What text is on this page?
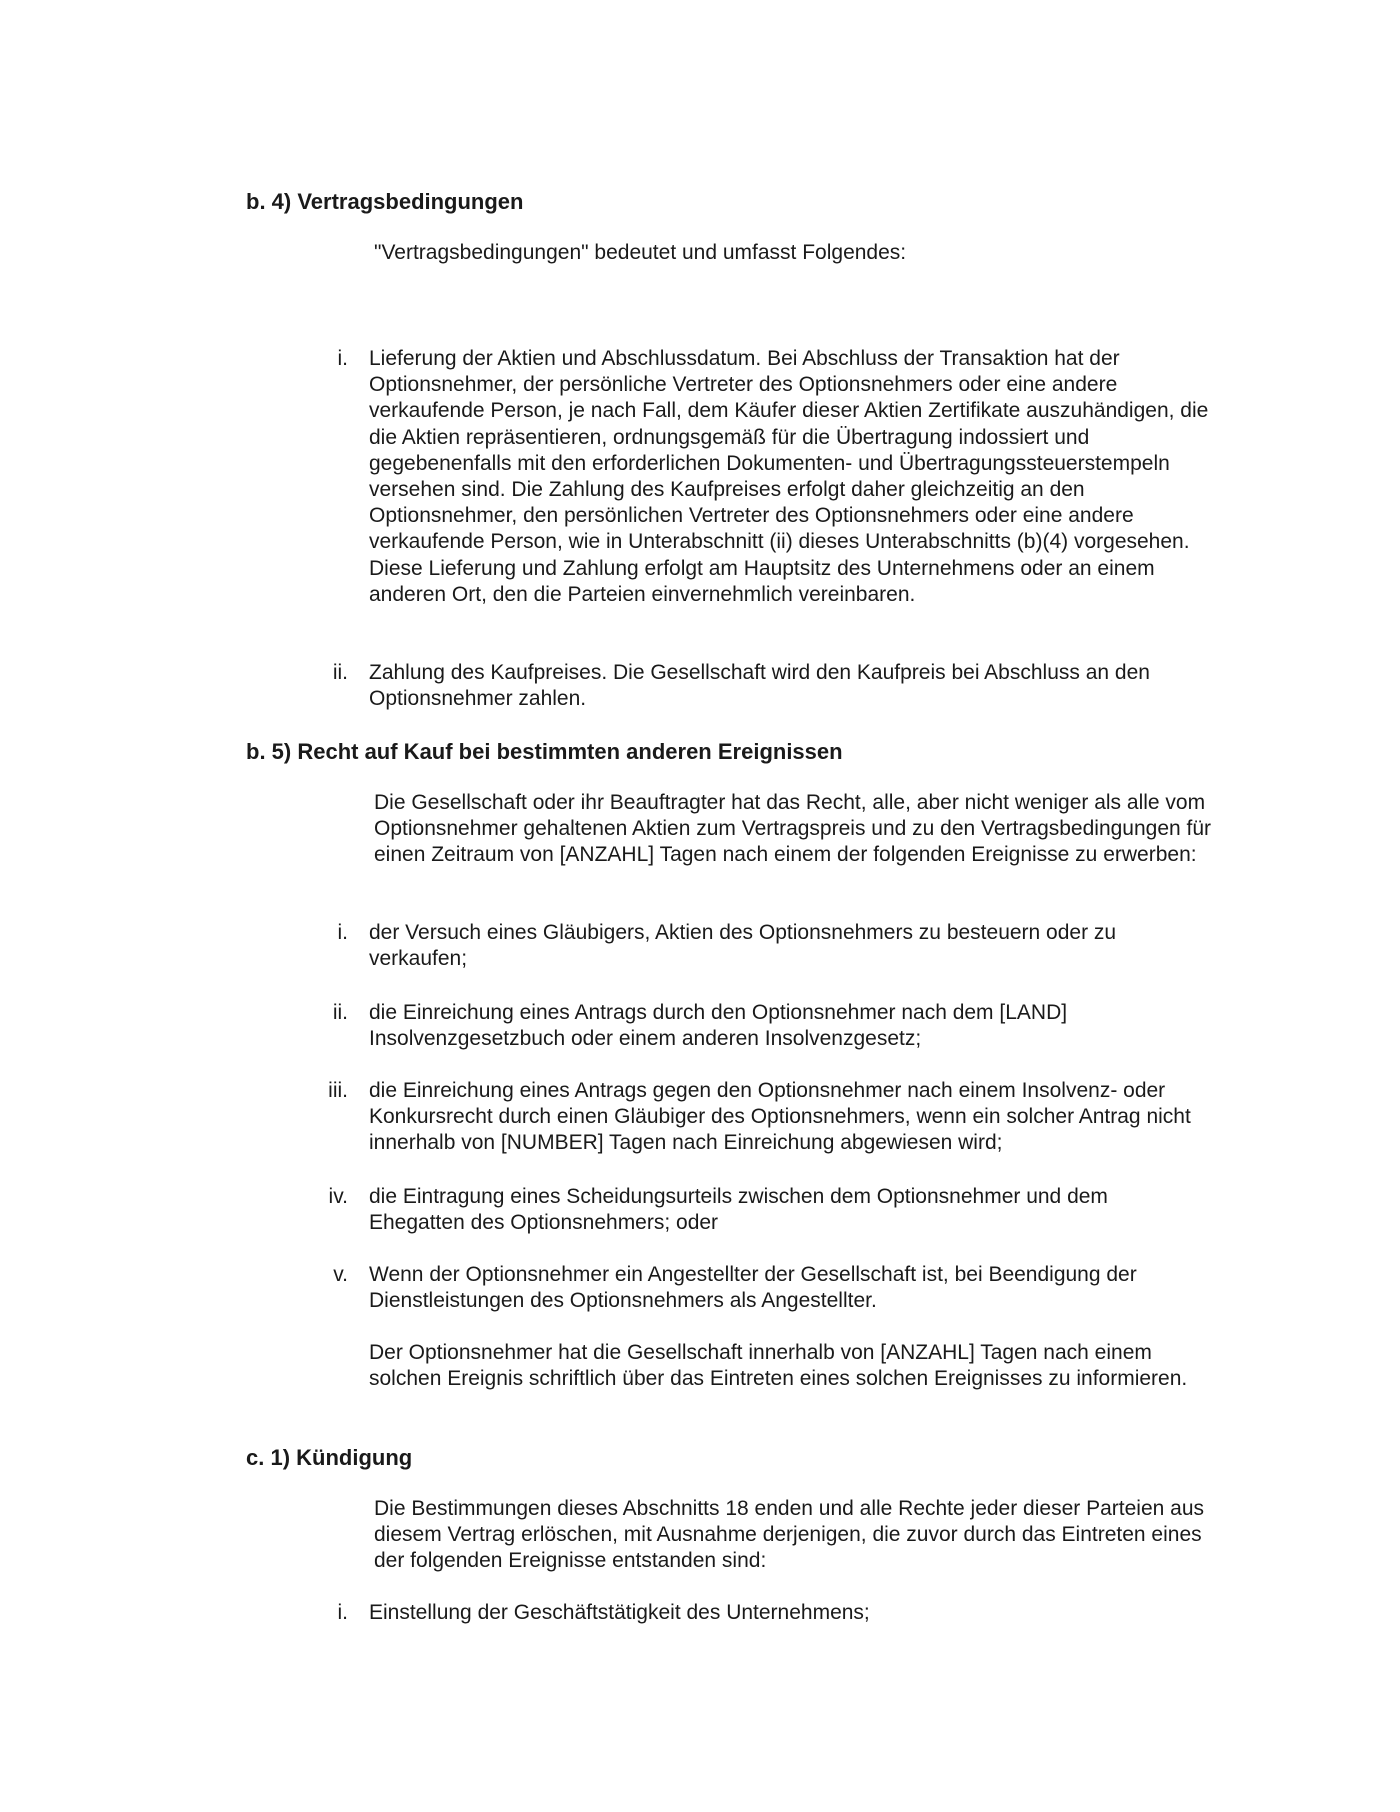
b. 4) Vertragsbedingungen
"Vertragsbedingungen" bedeutet und umfasst Folgendes:
i. Lieferung der Aktien und Abschlussdatum. Bei Abschluss der Transaktion hat der Optionsnehmer, der persönliche Vertreter des Optionsnehmers oder eine andere verkaufende Person, je nach Fall, dem Käufer dieser Aktien Zertifikate auszuhändigen, die die Aktien repräsentieren, ordnungsgemäß für die Übertragung indossiert und gegebenenfalls mit den erforderlichen Dokumenten- und Übertragungssteuerstempeln versehen sind. Die Zahlung des Kaufpreises erfolgt daher gleichzeitig an den Optionsnehmer, den persönlichen Vertreter des Optionsnehmers oder eine andere verkaufende Person, wie in Unterabschnitt (ii) dieses Unterabschnitts (b)(4) vorgesehen. Diese Lieferung und Zahlung erfolgt am Hauptsitz des Unternehmens oder an einem anderen Ort, den die Parteien einvernehmlich vereinbaren.
ii. Zahlung des Kaufpreises. Die Gesellschaft wird den Kaufpreis bei Abschluss an den Optionsnehmer zahlen.
b. 5) Recht auf Kauf bei bestimmten anderen Ereignissen
Die Gesellschaft oder ihr Beauftragter hat das Recht, alle, aber nicht weniger als alle vom Optionsnehmer gehaltenen Aktien zum Vertragspreis und zu den Vertragsbedingungen für einen Zeitraum von [ANZAHL] Tagen nach einem der folgenden Ereignisse zu erwerben:
i. der Versuch eines Gläubigers, Aktien des Optionsnehmers zu besteuern oder zu verkaufen;
ii. die Einreichung eines Antrags durch den Optionsnehmer nach dem [LAND] Insolvenzgesetzbuch oder einem anderen Insolvenzgesetz;
iii. die Einreichung eines Antrags gegen den Optionsnehmer nach einem Insolvenz- oder Konkursrecht durch einen Gläubiger des Optionsnehmers, wenn ein solcher Antrag nicht innerhalb von [NUMBER] Tagen nach Einreichung abgewiesen wird;
iv. die Eintragung eines Scheidungsurteils zwischen dem Optionsnehmer und dem Ehegatten des Optionsnehmers; oder
v. Wenn der Optionsnehmer ein Angestellter der Gesellschaft ist, bei Beendigung der Dienstleistungen des Optionsnehmers als Angestellter.
Der Optionsnehmer hat die Gesellschaft innerhalb von [ANZAHL] Tagen nach einem solchen Ereignis schriftlich über das Eintreten eines solchen Ereignisses zu informieren.
c. 1) Kündigung
Die Bestimmungen dieses Abschnitts 18 enden und alle Rechte jeder dieser Parteien aus diesem Vertrag erlöschen, mit Ausnahme derjenigen, die zuvor durch das Eintreten eines der folgenden Ereignisse entstanden sind:
i. Einstellung der Geschäftstätigkeit des Unternehmens;
